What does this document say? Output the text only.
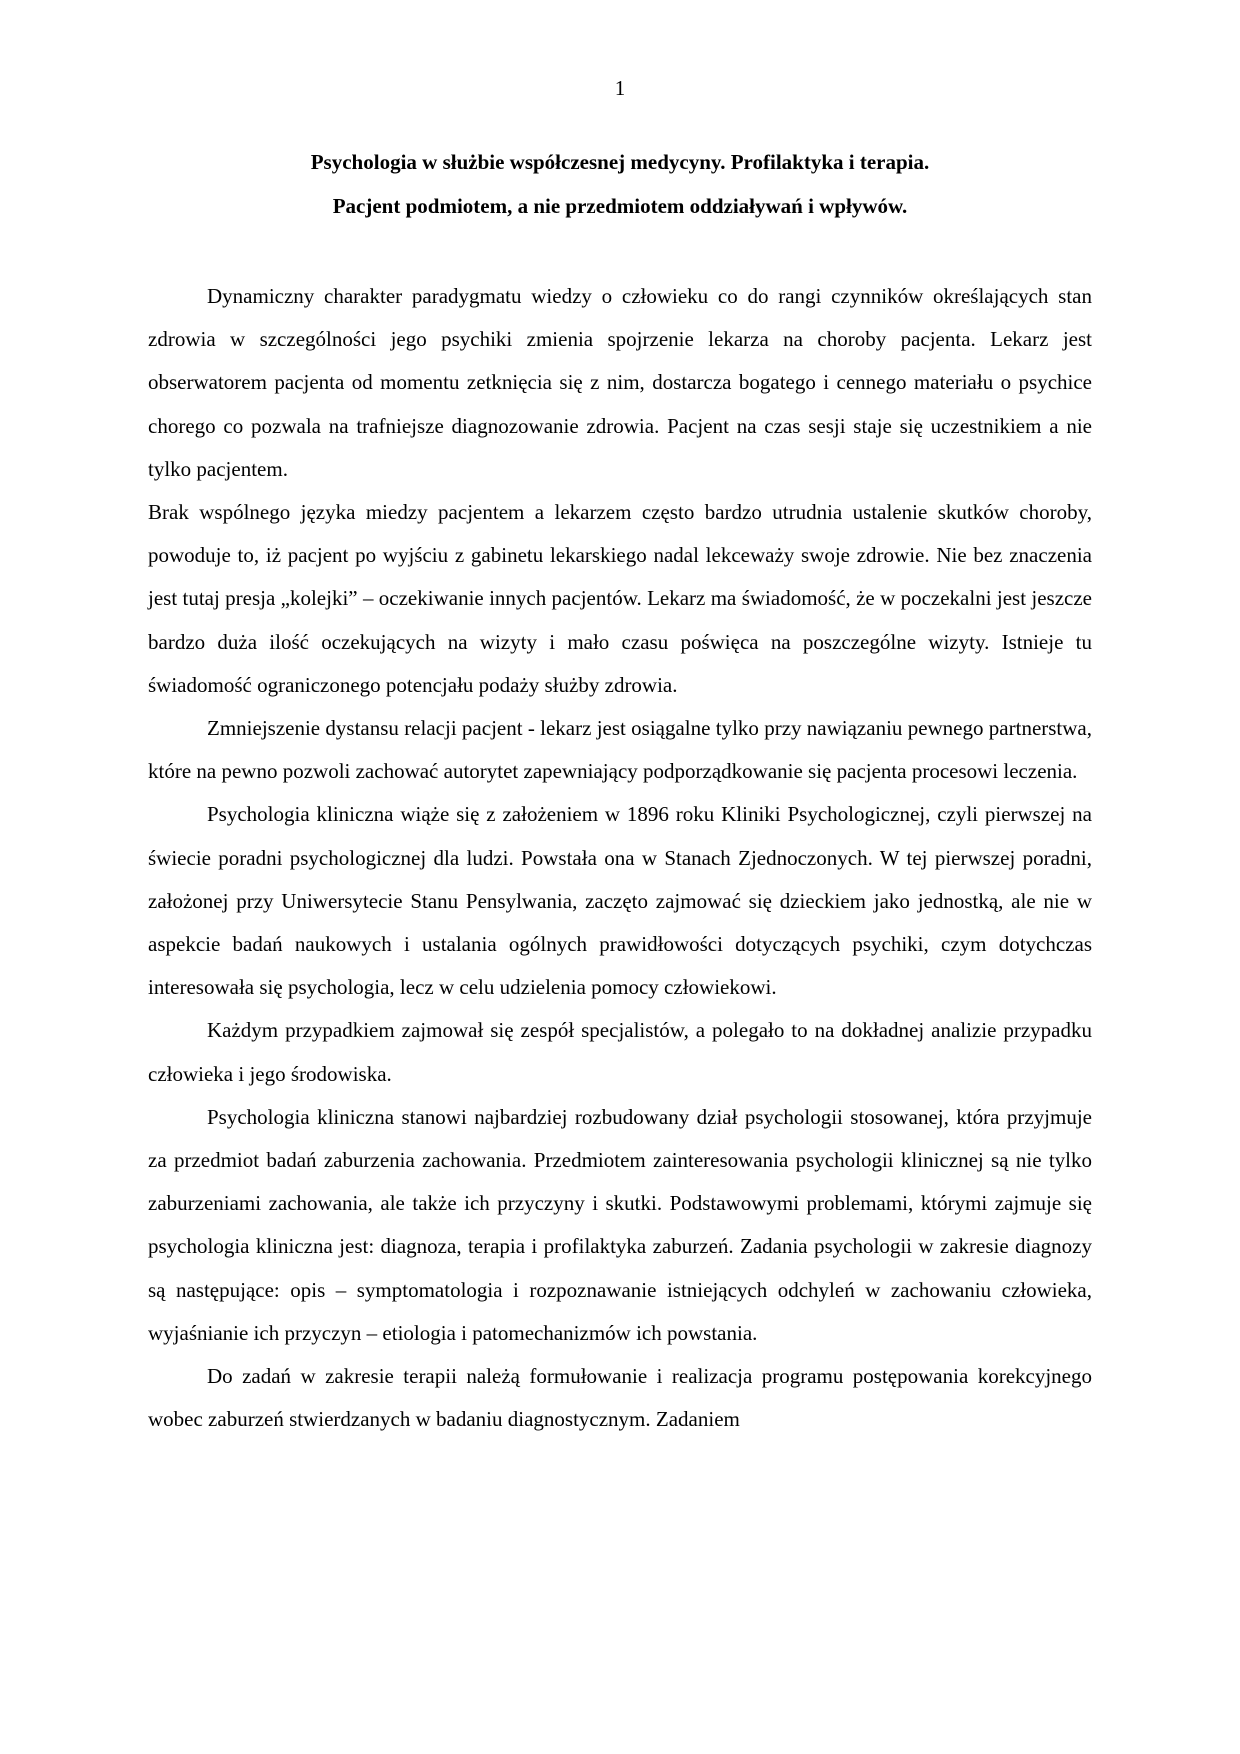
1
Psychologia w służbie współczesnej medycyny. Profilaktyka i terapia.
Pacjent podmiotem, a nie przedmiotem oddziaływań i wpływów.

Dynamiczny charakter paradygmatu wiedzy o człowieku co do rangi czynników określających stan zdrowia w szczególności jego psychiki zmienia spojrzenie lekarza na choroby pacjenta. Lekarz jest obserwatorem pacjenta od momentu zetknięcia się z nim, dostarcza bogatego i cennego materiału o psychice chorego co pozwala na trafniejsze diagnozowanie zdrowia. Pacjent na czas sesji staje się uczestnikiem a nie tylko pacjentem.

Brak wspólnego języka miedzy pacjentem a lekarzem często bardzo utrudnia ustalenie skutków choroby, powoduje to, iż pacjent po wyjściu z gabinetu lekarskiego nadal lekceważy swoje zdrowie. Nie bez znaczenia jest tutaj presja „kolejki” – oczekiwanie innych pacjentów. Lekarz ma świadomość, że w poczekalni jest jeszcze bardzo duża ilość oczekujących na wizyty i mało czasu poświęca na poszczególne wizyty. Istnieje tu świadomość ograniczonego potencjału podaży służby zdrowia.

Zmniejszenie dystansu relacji pacjent - lekarz jest osiągalne tylko przy nawiązaniu pewnego partnerstwa, które na pewno pozwoli zachować autorytet zapewniający podporządkowanie się pacjenta procesowi leczenia.

Psychologia kliniczna wiąże się z założeniem w 1896 roku Kliniki Psychologicznej, czyli pierwszej na świecie poradni psychologicznej dla ludzi. Powstała ona w Stanach Zjednoczonych. W tej pierwszej poradni, założonej przy Uniwersytecie Stanu Pensylwania, zaczęto zajmować się dzieckiem jako jednostką, ale nie w aspekcie badań naukowych i ustalania ogólnych prawidłowości dotyczących psychiki, czym dotychczas interesowała się psychologia, lecz w celu udzielenia pomocy człowiekowi.

Każdym przypadkiem zajmował się zespół specjalistów, a polegało to na dokładnej analizie przypadku człowieka i jego środowiska.

Psychologia kliniczna stanowi najbardziej rozbudowany dział psychologii stosowanej, która przyjmuje za przedmiot badań zaburzenia zachowania. Przedmiotem zainteresowania psychologii klinicznej są nie tylko zaburzeniami zachowania, ale także ich przyczyny i skutki. Podstawowymi problemami, którymi zajmuje się psychologia kliniczna jest: diagnoza, terapia i profilaktyka zaburzeń. Zadania psychologii w zakresie diagnozy są następujące: opis – symptomatologia i rozpoznawanie istniejących odchyleń w zachowaniu człowieka, wyjaśnianie ich przyczyn – etiologia i patomechanizmów ich powstania.

Do zadań w zakresie terapii należą formułowanie i realizacja programu postępowania korekcyjnego wobec zaburzeń stwierdzanych w badaniu diagnostycznym. Zadaniem
